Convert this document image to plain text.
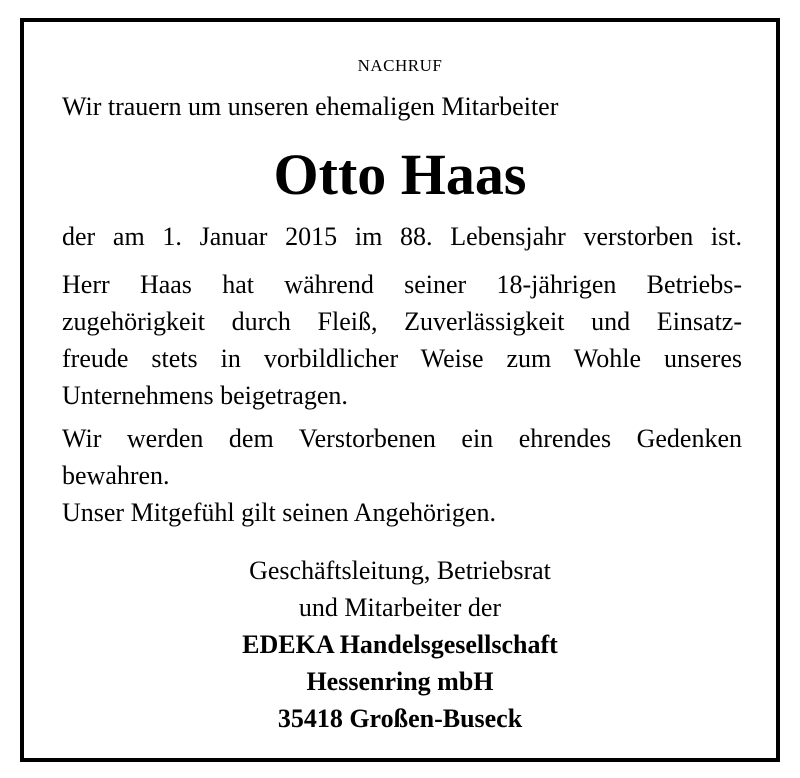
NACHRUF
Wir trauern um unseren ehemaligen Mitarbeiter
Otto Haas
der am 1. Januar 2015 im 88. Lebensjahr verstorben ist.
Herr Haas hat während seiner 18-jährigen Betriebs-
zugehörigkeit durch Fleiß, Zuverlässigkeit und Einsatz-
freude stets in vorbildlicher Weise zum Wohle unseres
Unternehmens beigetragen.
Wir werden dem Verstorbenen ein ehrendes Gedenken
bewahren.
Unser Mitgefühl gilt seinen Angehörigen.
Geschäftsleitung, Betriebsrat
und Mitarbeiter der
EDEKA Handelsgesellschaft
Hessenring mbH
35418 Großen-Buseck
